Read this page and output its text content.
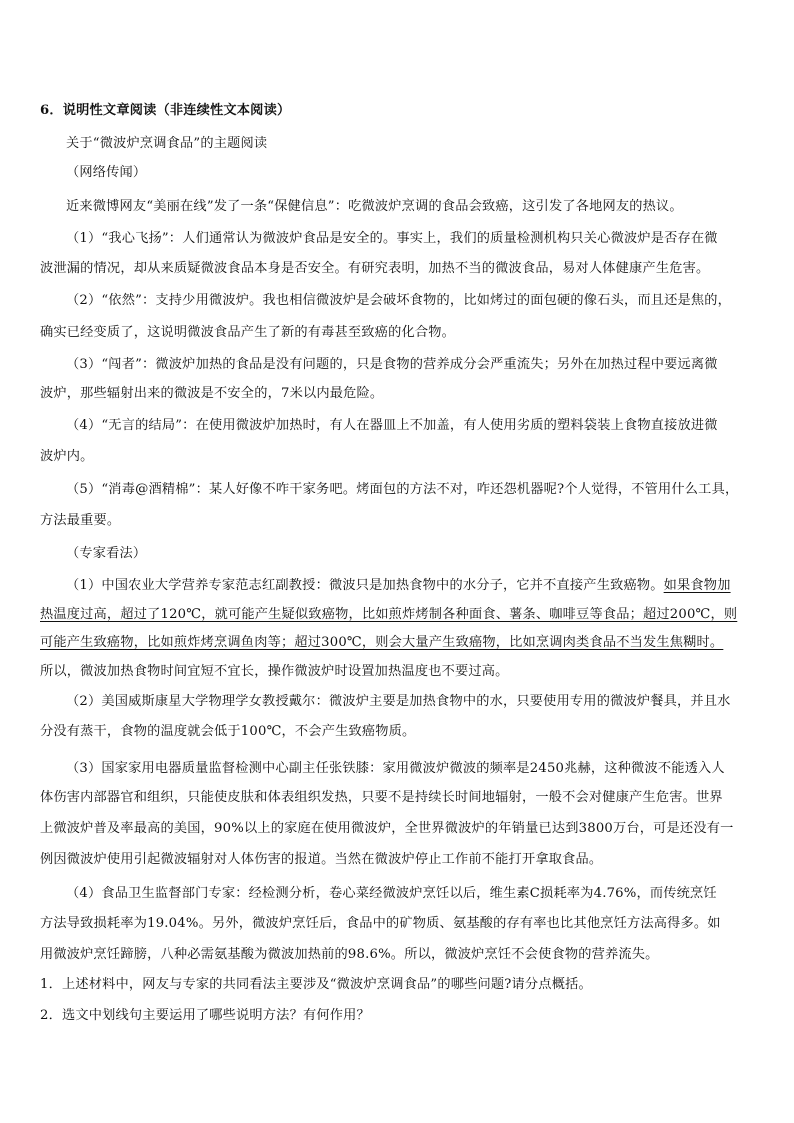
6．说明性文章阅读（非连续性文本阅读）
关于“微波炉烹调食品”的主题阅读
（网络传闻）
近来微博网友“美丽在线”发了一条“保健信息”：吃微波炉烹调的食品会致癌，这引发了各地网友的热议。
（1）“我心飞扬”：人们通常认为微波炉食品是安全的。事实上，我们的质量检测机构只关心微波炉是否存在微
波泄漏的情况，却从来质疑微波食品本身是否安全。有研究表明，加热不当的微波食品，易对人体健康产生危害。
（2）“依然”：支持少用微波炉。我也相信微波炉是会破坏食物的，比如烤过的面包硬的像石头，而且还是焦的，
确实已经变质了，这说明微波食品产生了新的有毒甚至致癌的化合物。
（3）“闯者”：微波炉加热的食品是没有问题的，只是食物的营养成分会严重流失；另外在加热过程中要远离微
波炉，那些辐射出来的微波是不安全的，7米以内最危险。
（4）“无言的结局”：在使用微波炉加热时，有人在器皿上不加盖，有人使用劣质的塑料袋装上食物直接放进微
波炉内。
（5）“消毒@酒精棉”：某人好像不咋干家务吧。烤面包的方法不对，咋还怨机器呢?个人觉得，不管用什么工具，
方法最重要。
（专家看法）
（1）中国农业大学营养专家范志红副教授：微波只是加热食物中的水分子，它并不直接产生致癌物。如果食物加
热温度过高，超过了120℃，就可能产生疑似致癌物，比如煎炸烤制各种面食、薯条、咖啡豆等食品；超过200℃，则
可能产生致癌物，比如煎炸烤烹调鱼肉等；超过300℃，则会大量产生致癌物，比如烹调肉类食品不当发生焦糊时。
所以，微波加热食物时间宜短不宜长，操作微波炉时设置加热温度也不要过高。
（2）美国威斯康星大学物理学女教授戴尔：微波炉主要是加热食物中的水，只要使用专用的微波炉餐具，并且水
分没有蒸干，食物的温度就会低于100℃，不会产生致癌物质。
（3）国家家用电器质量监督检测中心副主任张铁膝：家用微波炉微波的频率是2450兆赫，这种微波不能透入人
体伤害内部器官和组织，只能使皮肤和体表组织发热，只要不是持续长时间地辐射，一般不会对健康产生危害。世界
上微波炉普及率最高的美国，90%以上的家庭在使用微波炉，全世界微波炉的年销量已达到3800万台，可是还没有一
例因微波炉使用引起微波辐射对人体伤害的报道。当然在微波炉停止工作前不能打开拿取食品。
（4）食品卫生监督部门专家：经检测分析，卷心菜经微波炉烹饪以后，维生素C损耗率为4.76%，而传统烹饪
方法导致损耗率为19.04%。另外，微波炉烹饪后，食品中的矿物质、氨基酸的存有率也比其他烹饪方法高得多。如
用微波炉烹饪蹄膀，八种必需氨基酸为微波加热前的98.6%。所以，微波炉烹饪不会使食物的营养流失。
1．上述材料中，网友与专家的共同看法主要涉及“微波炉烹调食品”的哪些问题?请分点概括。
2．选文中划线句主要运用了哪些说明方法？有何作用？
